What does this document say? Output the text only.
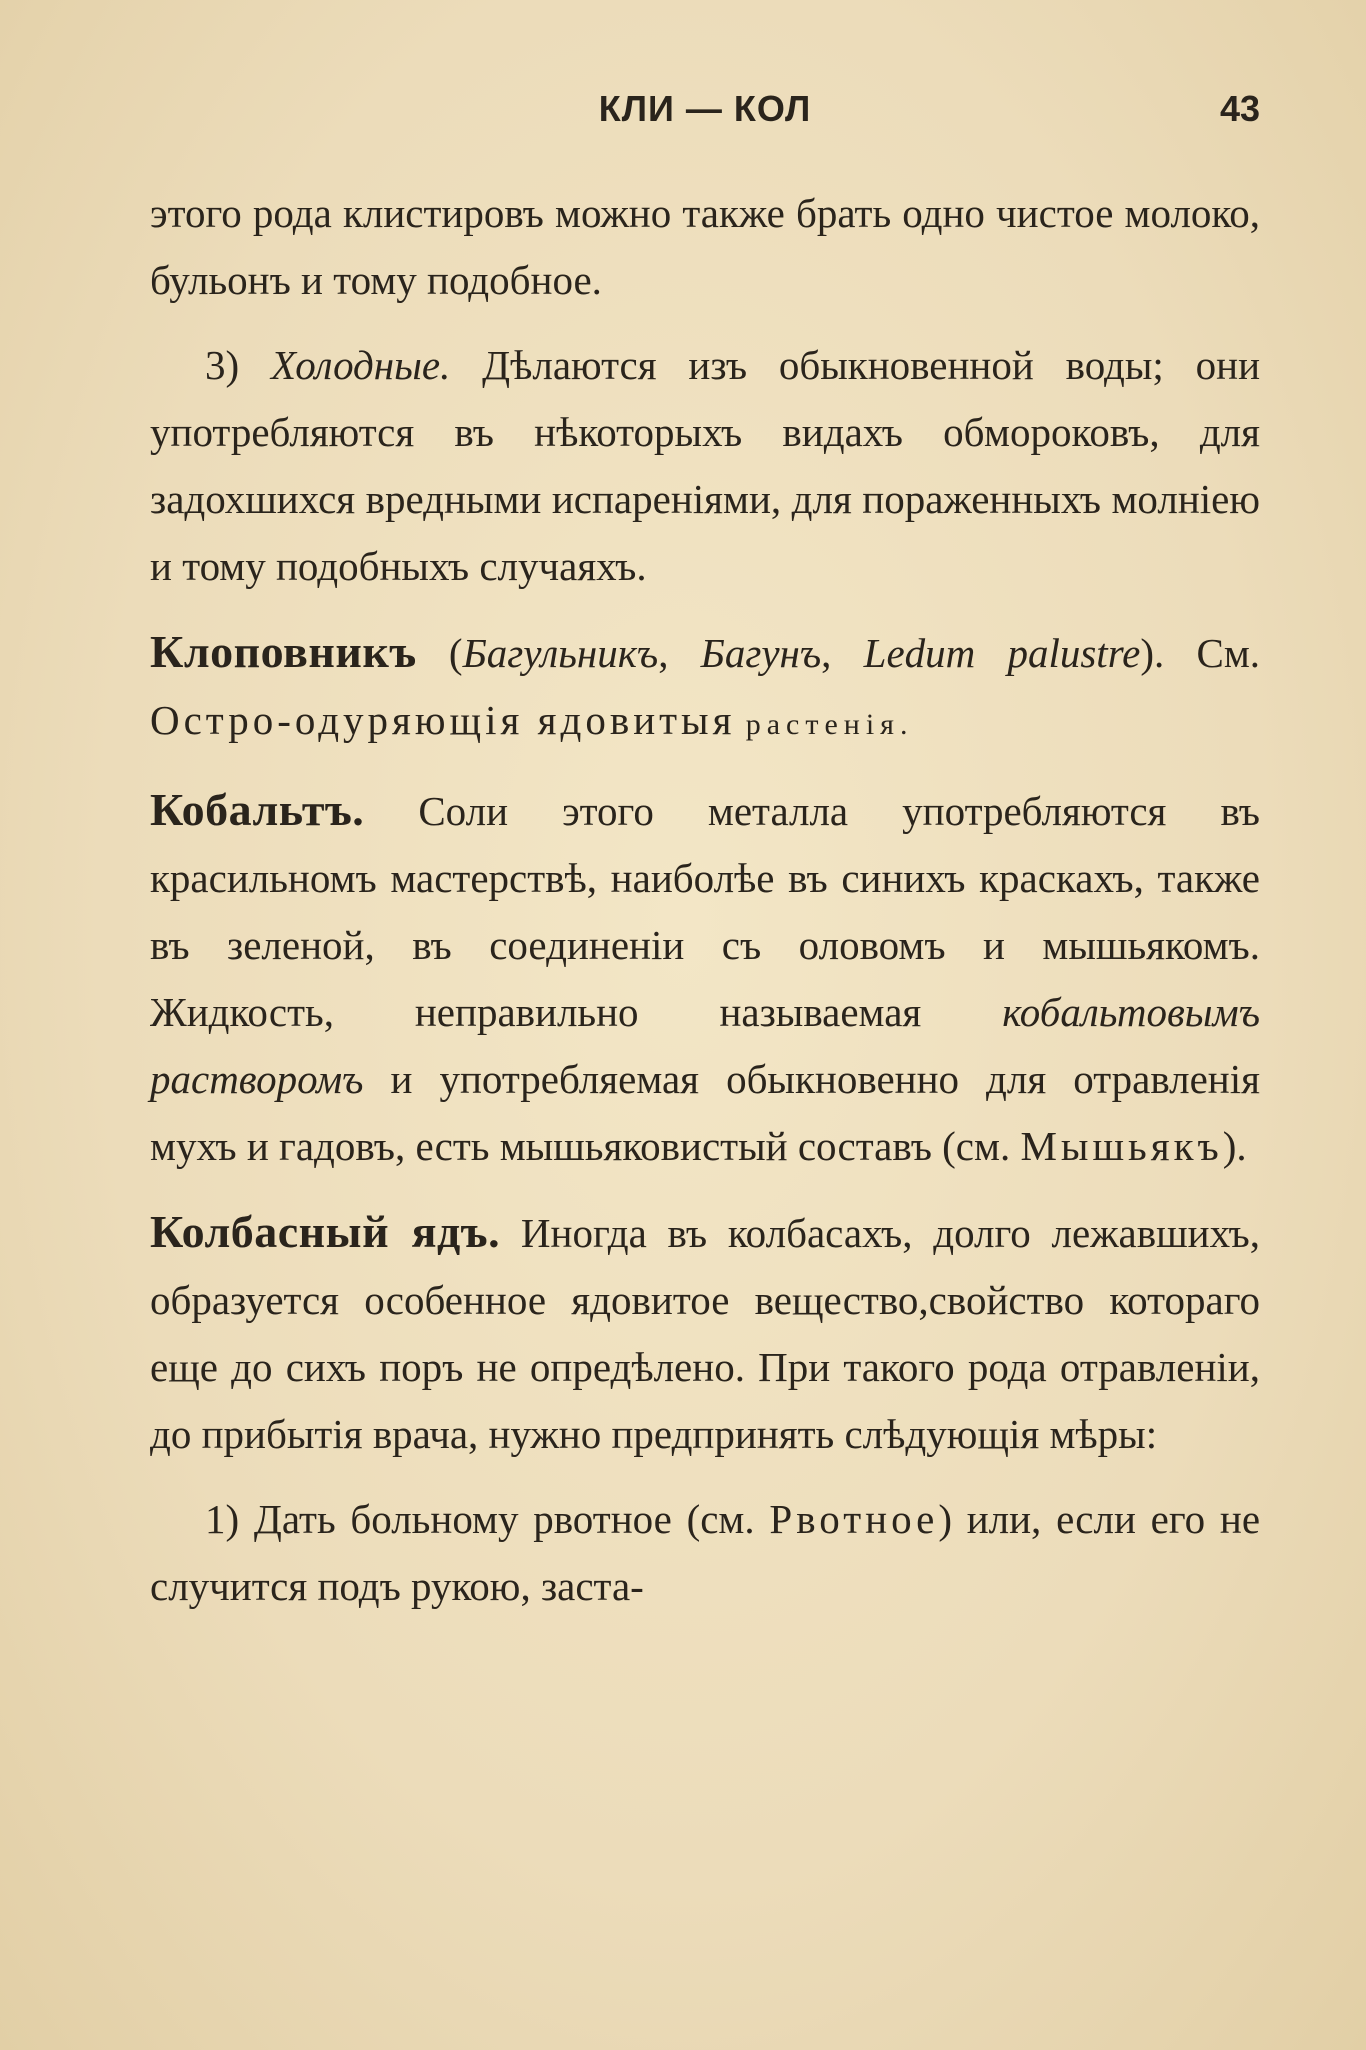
КЛИ — КОЛ	43

этого рода клистировъ можно также брать одно чистое молоко, бульонъ и тому подобное.

3) Холодные. Дѣлаются изъ обыкновенной воды; они употребляются въ нѣкоторыхъ видахъ обмороковъ, для задохшихся вредными испареніями, для пораженныхъ молніею и тому подобныхъ случаяхъ.

Клоповникъ (Багульникъ, Багунъ, Ledum palustre). См. Остро-одуряющія ядовитыя растенія.

Кобальтъ. Соли этого металла употребляются въ красильномъ мастерствѣ, наиболѣе въ синихъ краскахъ, также въ зеленой, въ соединеніи съ оловомъ и мышьякомъ. Жидкость, неправильно называемая кобальтовымъ растворомъ и употребляемая обыкновенно для отравленія мухъ и гадовъ, есть мышьяковистый составъ (см. Мышьякъ).

Колбасный ядъ. Иногда въ колбасахъ, долго лежавшихъ, образуется особенное ядовитое вещество,свойство котораго еще до сихъ поръ не опредѣлено. При такого рода отравленіи, до прибытія врача, нужно предпринять слѣдующія мѣры:

1) Дать больному рвотное (см. Рвотное) или, если его не случится подъ рукою, заста-
